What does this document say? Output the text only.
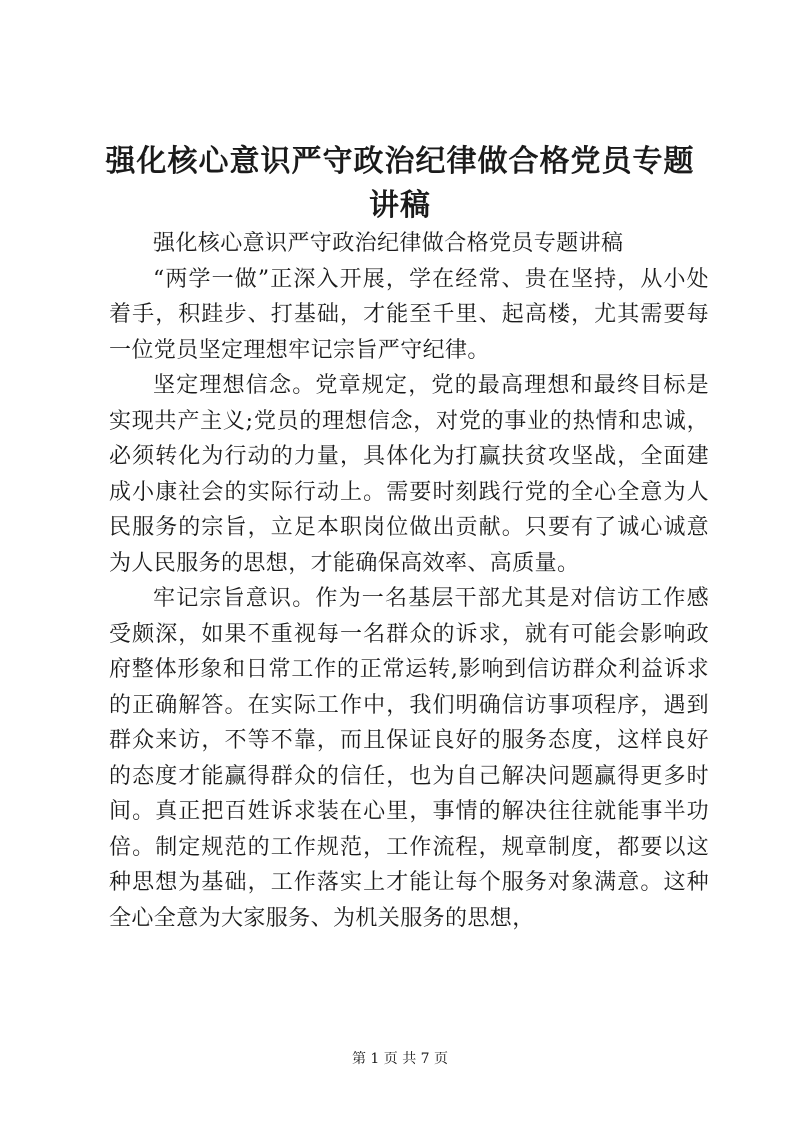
强化核心意识严守政治纪律做合格党员专题讲稿

强化核心意识严守政治纪律做合格党员专题讲稿

“两学一做”正深入开展，学在经常、贵在坚持，从小处着手，积跬步、打基础，才能至千里、起高楼，尤其需要每一位党员坚定理想牢记宗旨严守纪律。

坚定理想信念。党章规定，党的最高理想和最终目标是实现共产主义;党员的理想信念，对党的事业的热情和忠诚，必须转化为行动的力量，具体化为打赢扶贫攻坚战，全面建成小康社会的实际行动上。需要时刻践行党的全心全意为人民服务的宗旨，立足本职岗位做出贡献。只要有了诚心诚意为人民服务的思想，才能确保高效率、高质量。

牢记宗旨意识。作为一名基层干部尤其是对信访工作感受颇深，如果不重视每一名群众的诉求，就有可能会影响政府整体形象和日常工作的正常运转,影响到信访群众利益诉求的正确解答。在实际工作中，我们明确信访事项程序，遇到群众来访，不等不靠，而且保证良好的服务态度，这样良好的态度才能赢得群众的信任，也为自己解决问题赢得更多时间。真正把百姓诉求装在心里，事情的解决往往就能事半功倍。制定规范的工作规范，工作流程，规章制度，都要以这种思想为基础，工作落实上才能让每个服务对象满意。这种全心全意为大家服务、为机关服务的思想，

第 1 页 共 7 页
